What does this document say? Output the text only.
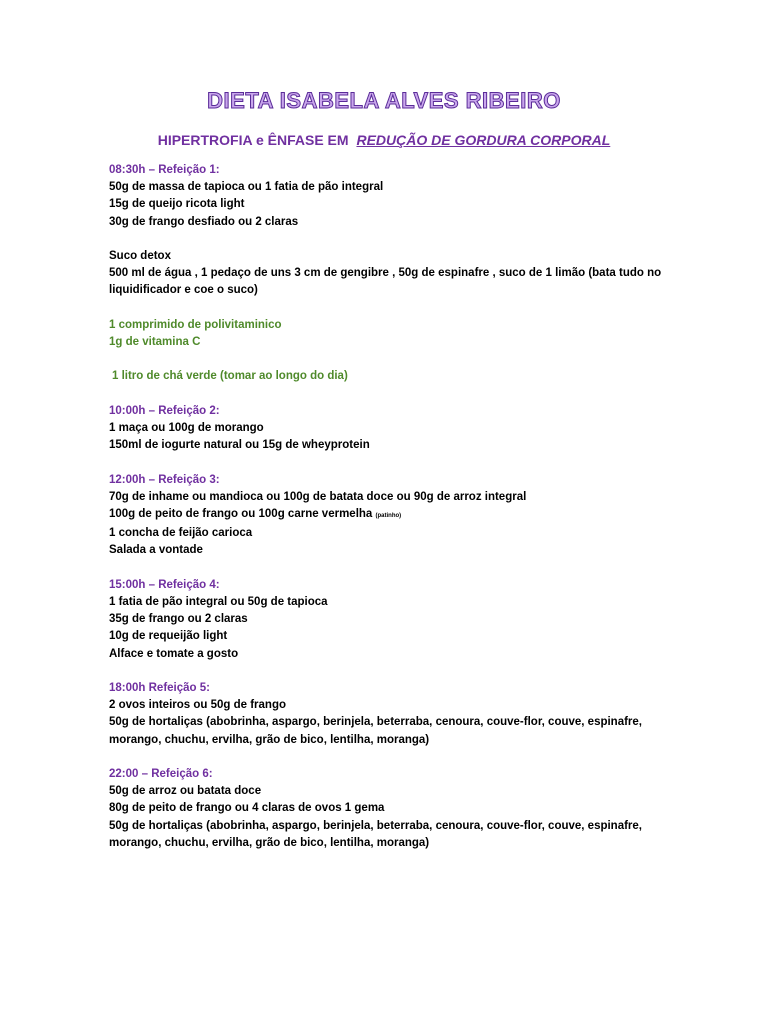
DIETA ISABELA ALVES RIBEIRO
HIPERTROFIA e ÊNFASE EM REDUÇÃO DE GORDURA CORPORAL
08:30h – Refeição 1:
50g de massa de tapioca ou 1 fatia de pão integral
15g de queijo ricota light
30g de frango desfiado ou 2 claras
Suco detox
500 ml de água , 1 pedaço de uns 3 cm de gengibre , 50g de espinafre , suco de 1 limão (bata tudo no liquidificador e coe o suco)
1 comprimido de polivitaminico
1g de vitamina C
1 litro de chá verde (tomar ao longo do dia)
10:00h – Refeição 2:
1 maça ou 100g de morango
150ml de iogurte natural ou 15g de wheyprotein
12:00h – Refeição 3:
70g de inhame ou mandioca ou 100g de batata doce ou 90g de arroz integral
100g de peito de frango ou 100g carne vermelha (patinho)
1 concha de feijão carioca
Salada a vontade
15:00h – Refeição 4:
1 fatia de pão integral ou 50g de tapioca
35g de frango ou 2 claras
10g de requeijão light
Alface e tomate a gosto
18:00h Refeição 5:
2 ovos inteiros ou 50g de frango
50g de hortaliças (abobrinha, aspargo, berinjela, beterraba, cenoura, couve-flor, couve, espinafre, morango, chuchu, ervilha, grão de bico, lentilha, moranga)
22:00 – Refeição 6:
50g de arroz ou batata doce
80g de peito de frango ou 4 claras de ovos 1 gema
50g de hortaliças (abobrinha, aspargo, berinjela, beterraba, cenoura, couve-flor, couve, espinafre, morango, chuchu, ervilha, grão de bico, lentilha, moranga)
